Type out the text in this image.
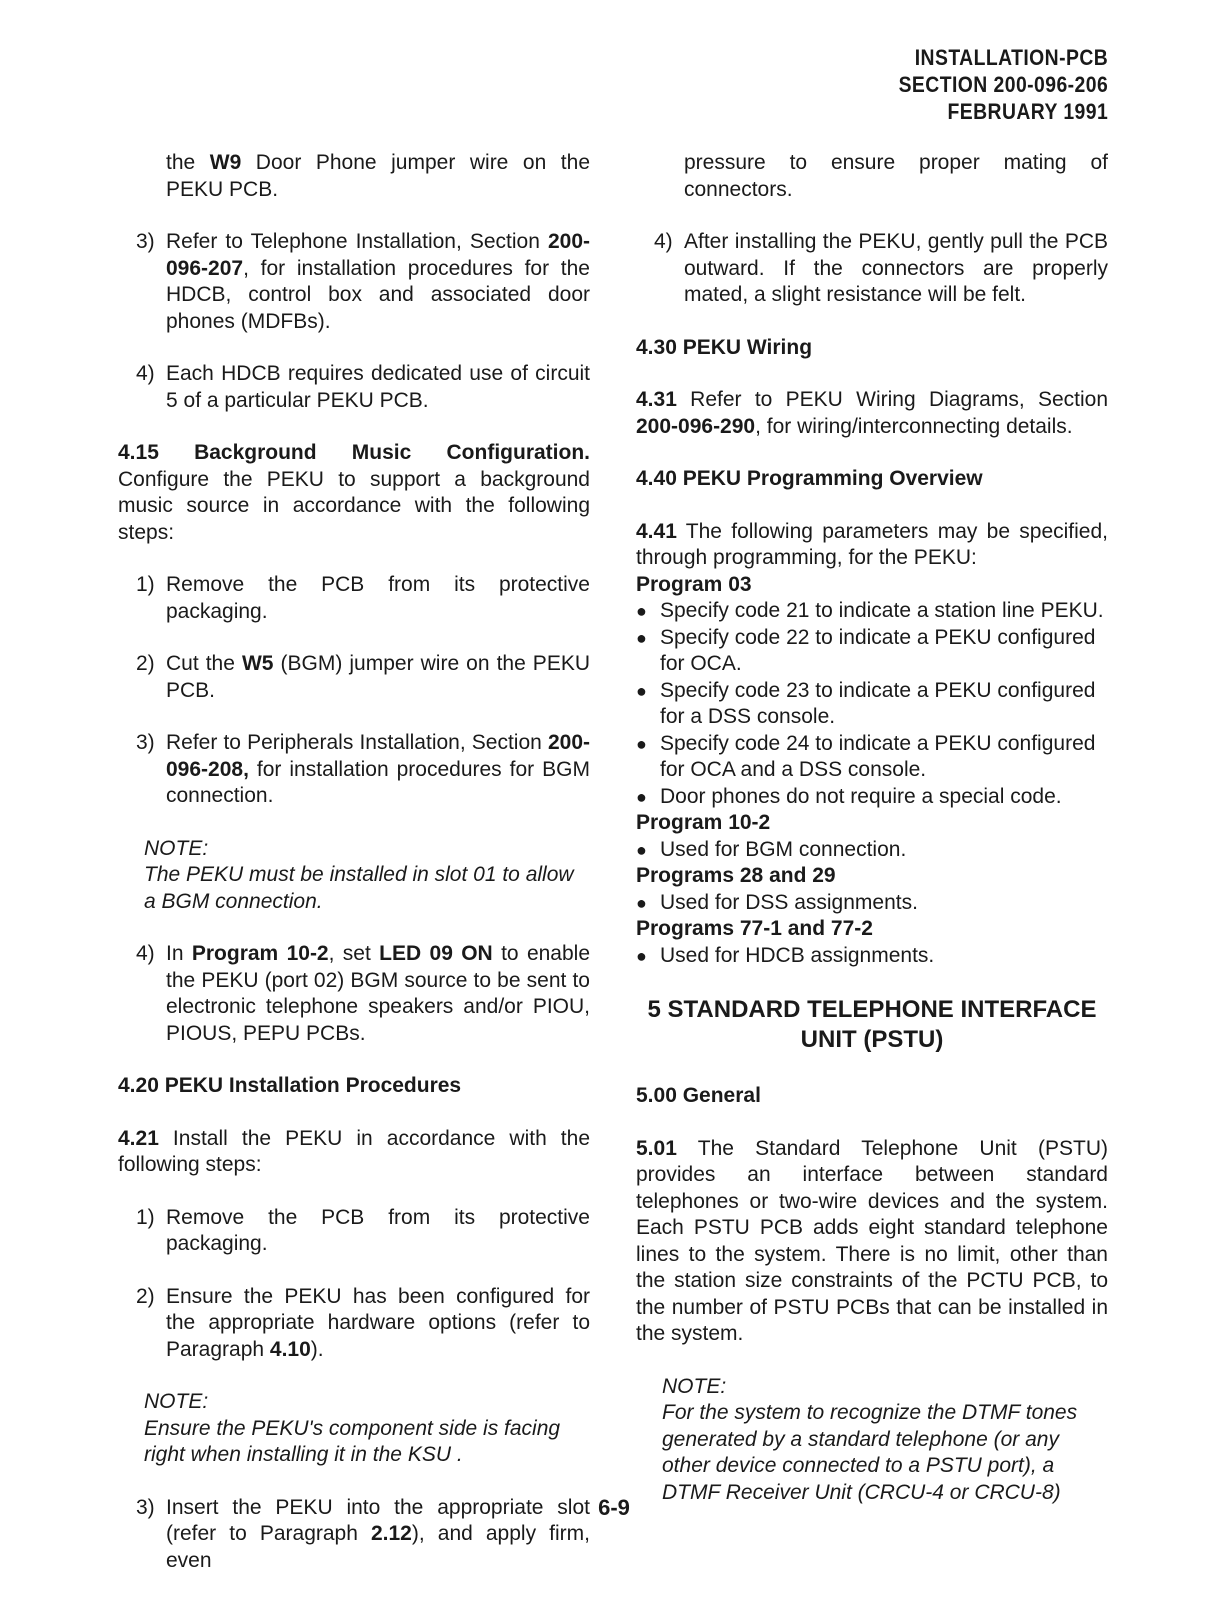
INSTALLATION-PCB
SECTION 200-096-206
FEBRUARY 1991
the W9 Door Phone jumper wire on the PEKU PCB.
3) Refer to Telephone Installation, Section 200-096-207, for installation procedures for the HDCB, control box and associated door phones (MDFBs).
4) Each HDCB requires dedicated use of circuit 5 of a particular PEKU PCB.
4.15 Background Music Configuration. Configure the PEKU to support a background music source in accordance with the following steps:
1) Remove the PCB from its protective packaging.
2) Cut the W5 (BGM) jumper wire on the PEKU PCB.
3) Refer to Peripherals Installation, Section 200-096-208, for installation procedures for BGM connection.
NOTE:
The PEKU must be installed in slot 01 to allow
a BGM connection.
4) In Program 10-2, set LED 09 ON to enable the PEKU (port 02) BGM source to be sent to electronic telephone speakers and/or PIOU, PIOUS, PEPU PCBs.
4.20 PEKU Installation Procedures
4.21 Install the PEKU in accordance with the following steps:
1) Remove the PCB from its protective packaging.
2) Ensure the PEKU has been configured for the appropriate hardware options (refer to Paragraph 4.10).
NOTE:
Ensure the PEKU's component side is facing
right when installing it in the KSU .
3) Insert the PEKU into the appropriate slot (refer to Paragraph 2.12), and apply firm, even
pressure to ensure proper mating of connectors.
4) After installing the PEKU, gently pull the PCB outward. If the connectors are properly mated, a slight resistance will be felt.
4.30 PEKU Wiring
4.31 Refer to PEKU Wiring Diagrams, Section 200-096-290, for wiring/interconnecting details.
4.40 PEKU Programming Overview
4.41 The following parameters may be specified, through programming, for the PEKU:
Program 03
● Specify code 21 to indicate a station line PEKU.
● Specify code 22 to indicate a PEKU configured for OCA.
● Specify code 23 to indicate a PEKU configured for a DSS console.
● Specify code 24 to indicate a PEKU configured for OCA and a DSS console.
● Door phones do not require a special code.
Program 10-2
● Used for BGM connection.
Programs 28 and 29
● Used for DSS assignments.
Programs 77-1 and 77-2
● Used for HDCB assignments.
5 STANDARD TELEPHONE INTERFACE
UNIT (PSTU)
5.00 General
5.01 The Standard Telephone Unit (PSTU) provides an interface between standard telephones or two-wire devices and the system. Each PSTU PCB adds eight standard telephone lines to the system. There is no limit, other than the station size constraints of the PCTU PCB, to the number of PSTU PCBs that can be installed in the system.
NOTE:
For the system to recognize the DTMF tones generated by a standard telephone (or any other device connected to a PSTU port), a DTMF Receiver Unit (CRCU-4 or CRCU-8)
6-9
